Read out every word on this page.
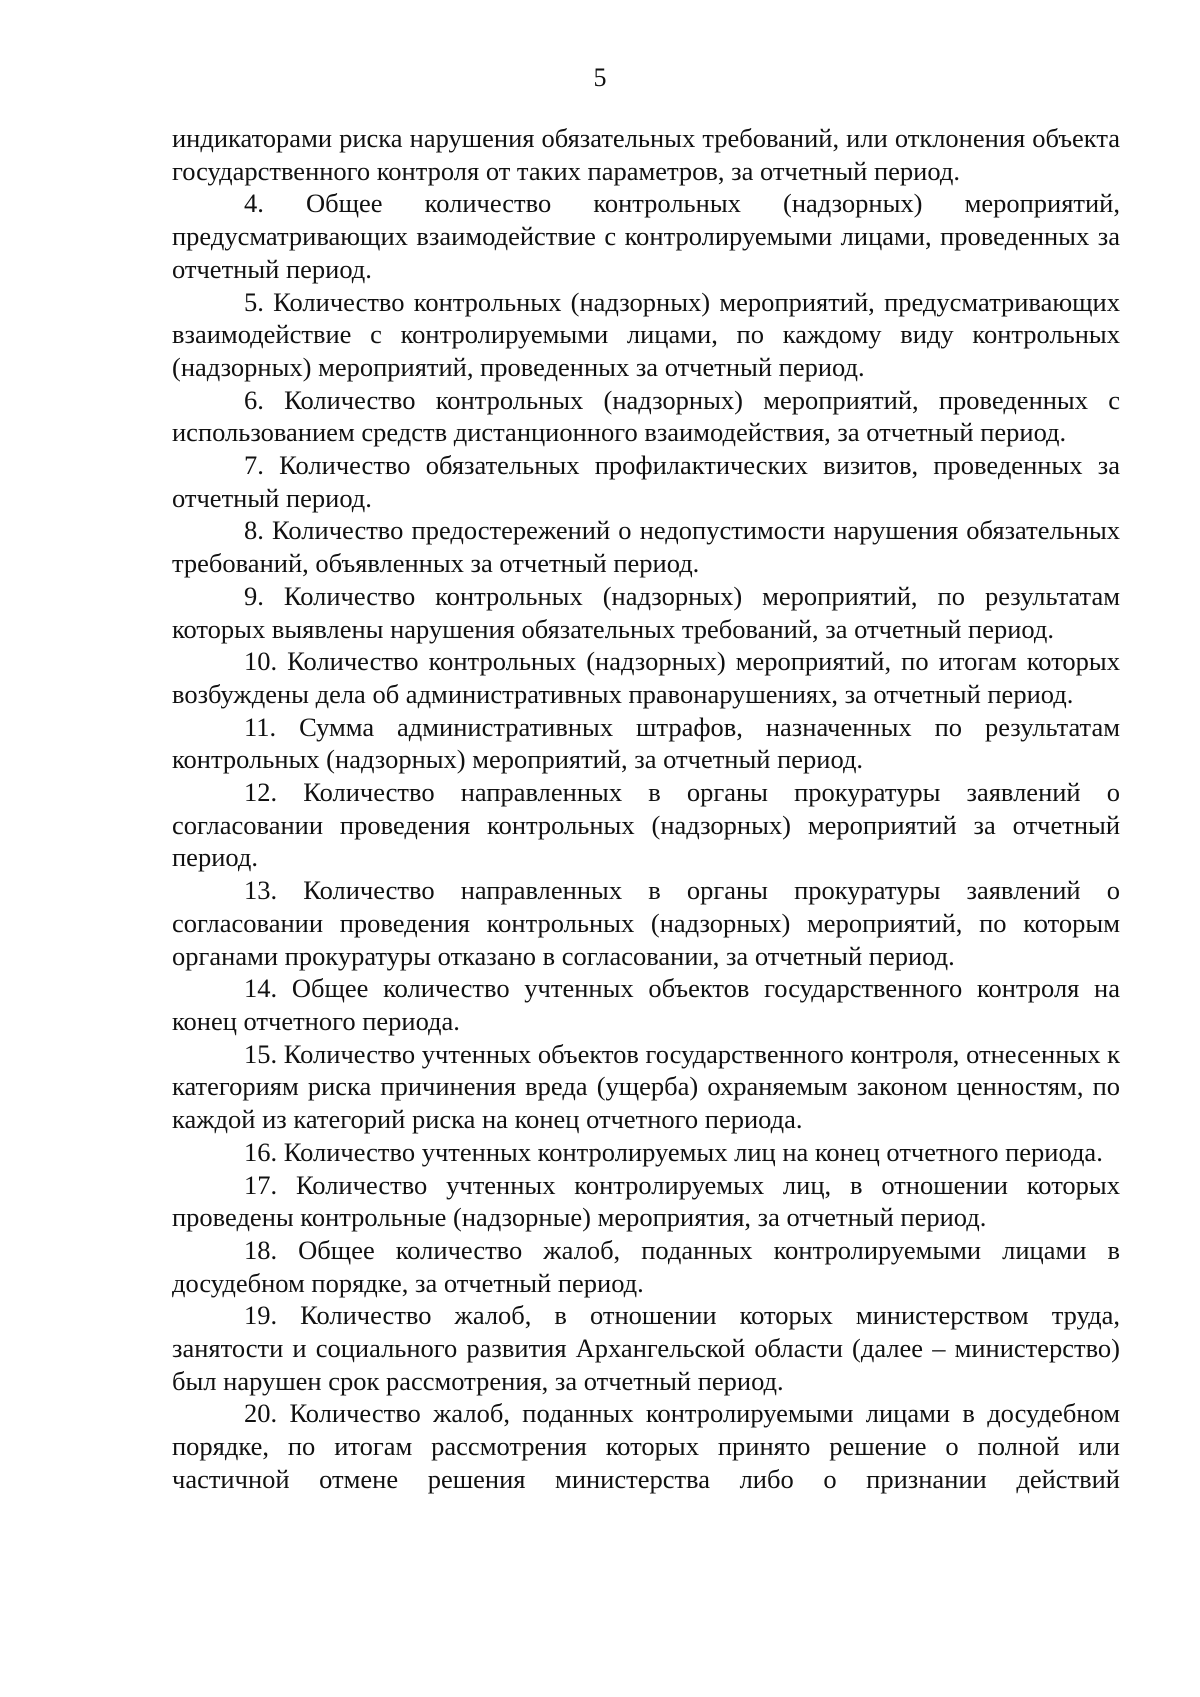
5

индикаторами риска нарушения обязательных требований, или отклонения объекта государственного контроля от таких параметров, за отчетный период.

4. Общее количество контрольных (надзорных) мероприятий, предусматривающих взаимодействие с контролируемыми лицами, проведенных за отчетный период.

5. Количество контрольных (надзорных) мероприятий, предусматривающих взаимодействие с контролируемыми лицами, по каждому виду контрольных (надзорных) мероприятий, проведенных за отчетный период.

6. Количество контрольных (надзорных) мероприятий, проведенных с использованием средств дистанционного взаимодействия, за отчетный период.

7. Количество обязательных профилактических визитов, проведенных за отчетный период.

8. Количество предостережений о недопустимости нарушения обязательных требований, объявленных за отчетный период.

9. Количество контрольных (надзорных) мероприятий, по результатам которых выявлены нарушения обязательных требований, за отчетный период.

10. Количество контрольных (надзорных) мероприятий, по итогам которых возбуждены дела об административных правонарушениях, за отчетный период.

11. Сумма административных штрафов, назначенных по результатам контрольных (надзорных) мероприятий, за отчетный период.

12. Количество направленных в органы прокуратуры заявлений о согласовании проведения контрольных (надзорных) мероприятий за отчетный период.

13. Количество направленных в органы прокуратуры заявлений о согласовании проведения контрольных (надзорных) мероприятий, по которым органами прокуратуры отказано в согласовании, за отчетный период.

14. Общее количество учтенных объектов государственного контроля на конец отчетного периода.

15. Количество учтенных объектов государственного контроля, отнесенных к категориям риска причинения вреда (ущерба) охраняемым законом ценностям, по каждой из категорий риска на конец отчетного периода.

16. Количество учтенных контролируемых лиц на конец отчетного периода.

17. Количество учтенных контролируемых лиц, в отношении которых проведены контрольные (надзорные) мероприятия, за отчетный период.

18. Общее количество жалоб, поданных контролируемыми лицами в досудебном порядке, за отчетный период.

19. Количество жалоб, в отношении которых министерством труда, занятости и социального развития Архангельской области (далее – министерство) был нарушен срок рассмотрения, за отчетный период.

20. Количество жалоб, поданных контролируемыми лицами в досудебном порядке, по итогам рассмотрения которых принято решение о полной или частичной отмене решения министерства либо о признании действий
